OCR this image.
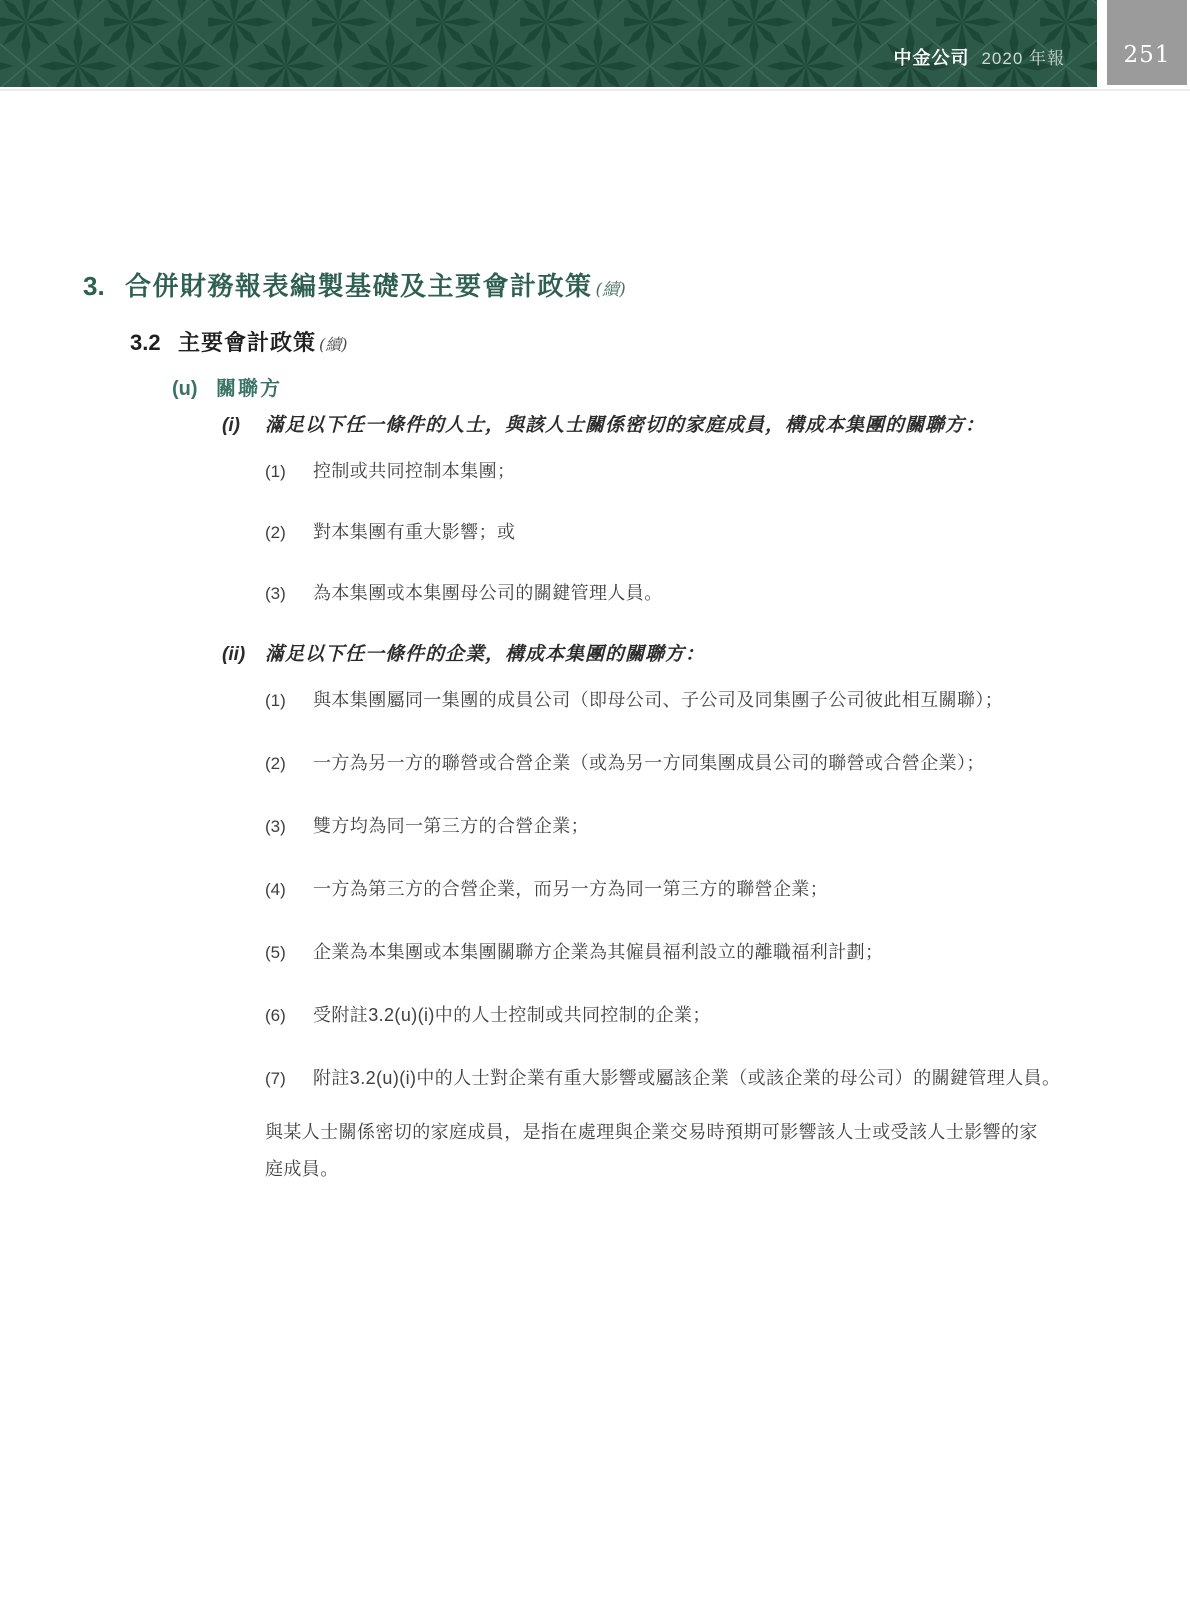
中金公司 2020 年報	251
3. 合併財務報表編製基礎及主要會計政策 (續)
3.2 主要會計政策 (續)
(u) 關聯方
(i)	滿足以下任一條件的人士，與該人士關係密切的家庭成員，構成本集團的關聯方：
(1)	控制或共同控制本集團；
(2)	對本集團有重大影響；或
(3)	為本集團或本集團母公司的關鍵管理人員。
(ii)	滿足以下任一條件的企業，構成本集團的關聯方：
(1)	與本集團屬同一集團的成員公司（即母公司、子公司及同集團子公司彼此相互關聯）；
(2)	一方為另一方的聯營或合營企業（或為另一方同集團成員公司的聯營或合營企業）；
(3)	雙方均為同一第三方的合營企業；
(4)	一方為第三方的合營企業，而另一方為同一第三方的聯營企業；
(5)	企業為本集團或本集團關聯方企業為其僱員福利設立的離職福利計劃；
(6)	受附註3.2(u)(i)中的人士控制或共同控制的企業；
(7)	附註3.2(u)(i)中的人士對企業有重大影響或屬該企業（或該企業的母公司）的關鍵管理人員。

與某人士關係密切的家庭成員，是指在處理與企業交易時預期可影響該人士或受該人士影響的家庭成員。
